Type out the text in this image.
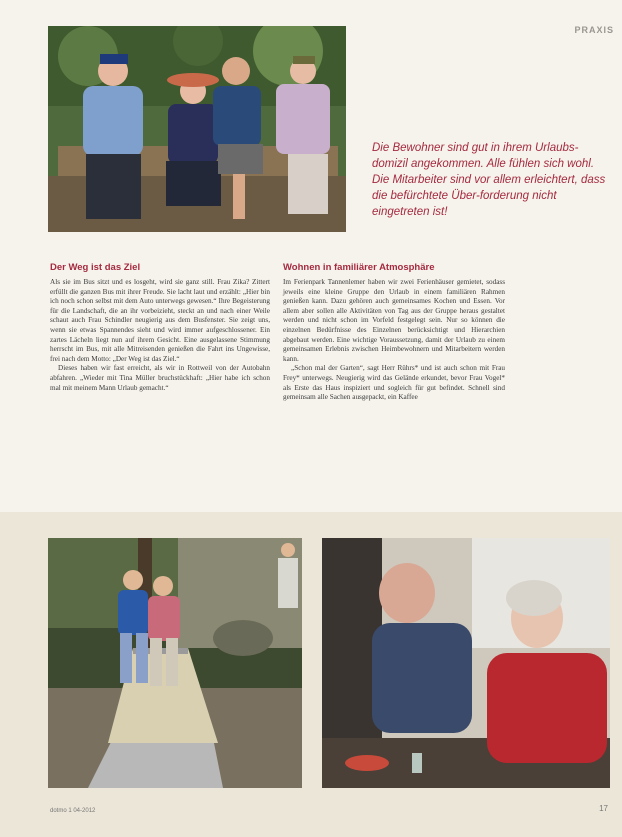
PRAXIS
Die Bewohner sind gut in ihrem Urlaubs-domizil angekommen. Alle fühlen sich wohl. Die Mitarbeiter sind vor allem erleichtert, dass die befürchtete Über-forderung nicht eingetreten ist!
Der Weg ist das Ziel

Als sie im Bus sitzt und es losgeht, wird sie ganz still. Frau Zika? Zittert erfüllt die ganzen Bus mit ihrer Freude. Sie lacht laut und erzählt: „Hier bin ich noch schon selbst mit dem Auto unterwegs gewesen.“ Ihre Begeisterung für die Landschaft, die an ihr vorbeizieht, steckt an und nach einer Weile schaut auch Frau Schindler neugierig aus dem Busfenster. Sie zeigt uns, wenn sie etwas Spannendes sieht und wird immer aufgeschlossener. Ein zartes Lächeln liegt nun auf ihrem Gesicht. Eine ausgelassene Stimmung herrscht im Bus, mit alle Mitreisenden genießen die Fahrt ins Ungewisse, frei nach dem Motto: „Der Weg ist das Ziel.“

Dieses haben wir fast erreicht, als wir in Rottweil von der Autobahn abfahren. „Wieder mit Tina Müller bruchstückhaft: „Hier habe ich schon mal mit meinem Mann Urlaub gemacht.“

Wohnen in familiärer Atmosphäre

Im Ferienpark Tannenlemer haben wir zwei Ferienhäuser gemietet, sodass jeweils eine kleine Gruppe den Urlaub in einem familiären Rahmen genießen kann. Dazu gehören auch gemeinsames Kochen und Essen. Vor allem aber sollen alle Aktivitäten von Tag aus der Gruppe heraus gestaltet werden und nicht schon im Vorfeld festgelegt sein. Nur so können die einzelnen Bedürfnisse des Einzelnen berücksichtigt und Hierarchien abgebaut werden. Eine wichtige Voraussetzung, damit der Urlaub zu einem gemeinsamen Erlebnis zwischen Heimbewohnern und Mitarbeitern werden kann.

„Schon mal der Garten“, sagt Herr Rührs* und ist auch schon mit Frau Frey* unterwegs. Neugierig wird das Gelände erkundet, bevor Frau Vogel* als Erste das Haus inspiziert und sogleich für gut befindet. Schnell sind gemeinsam alle Sachen ausgepackt, ein Kaffee

dotmo 1 04-2012	17
